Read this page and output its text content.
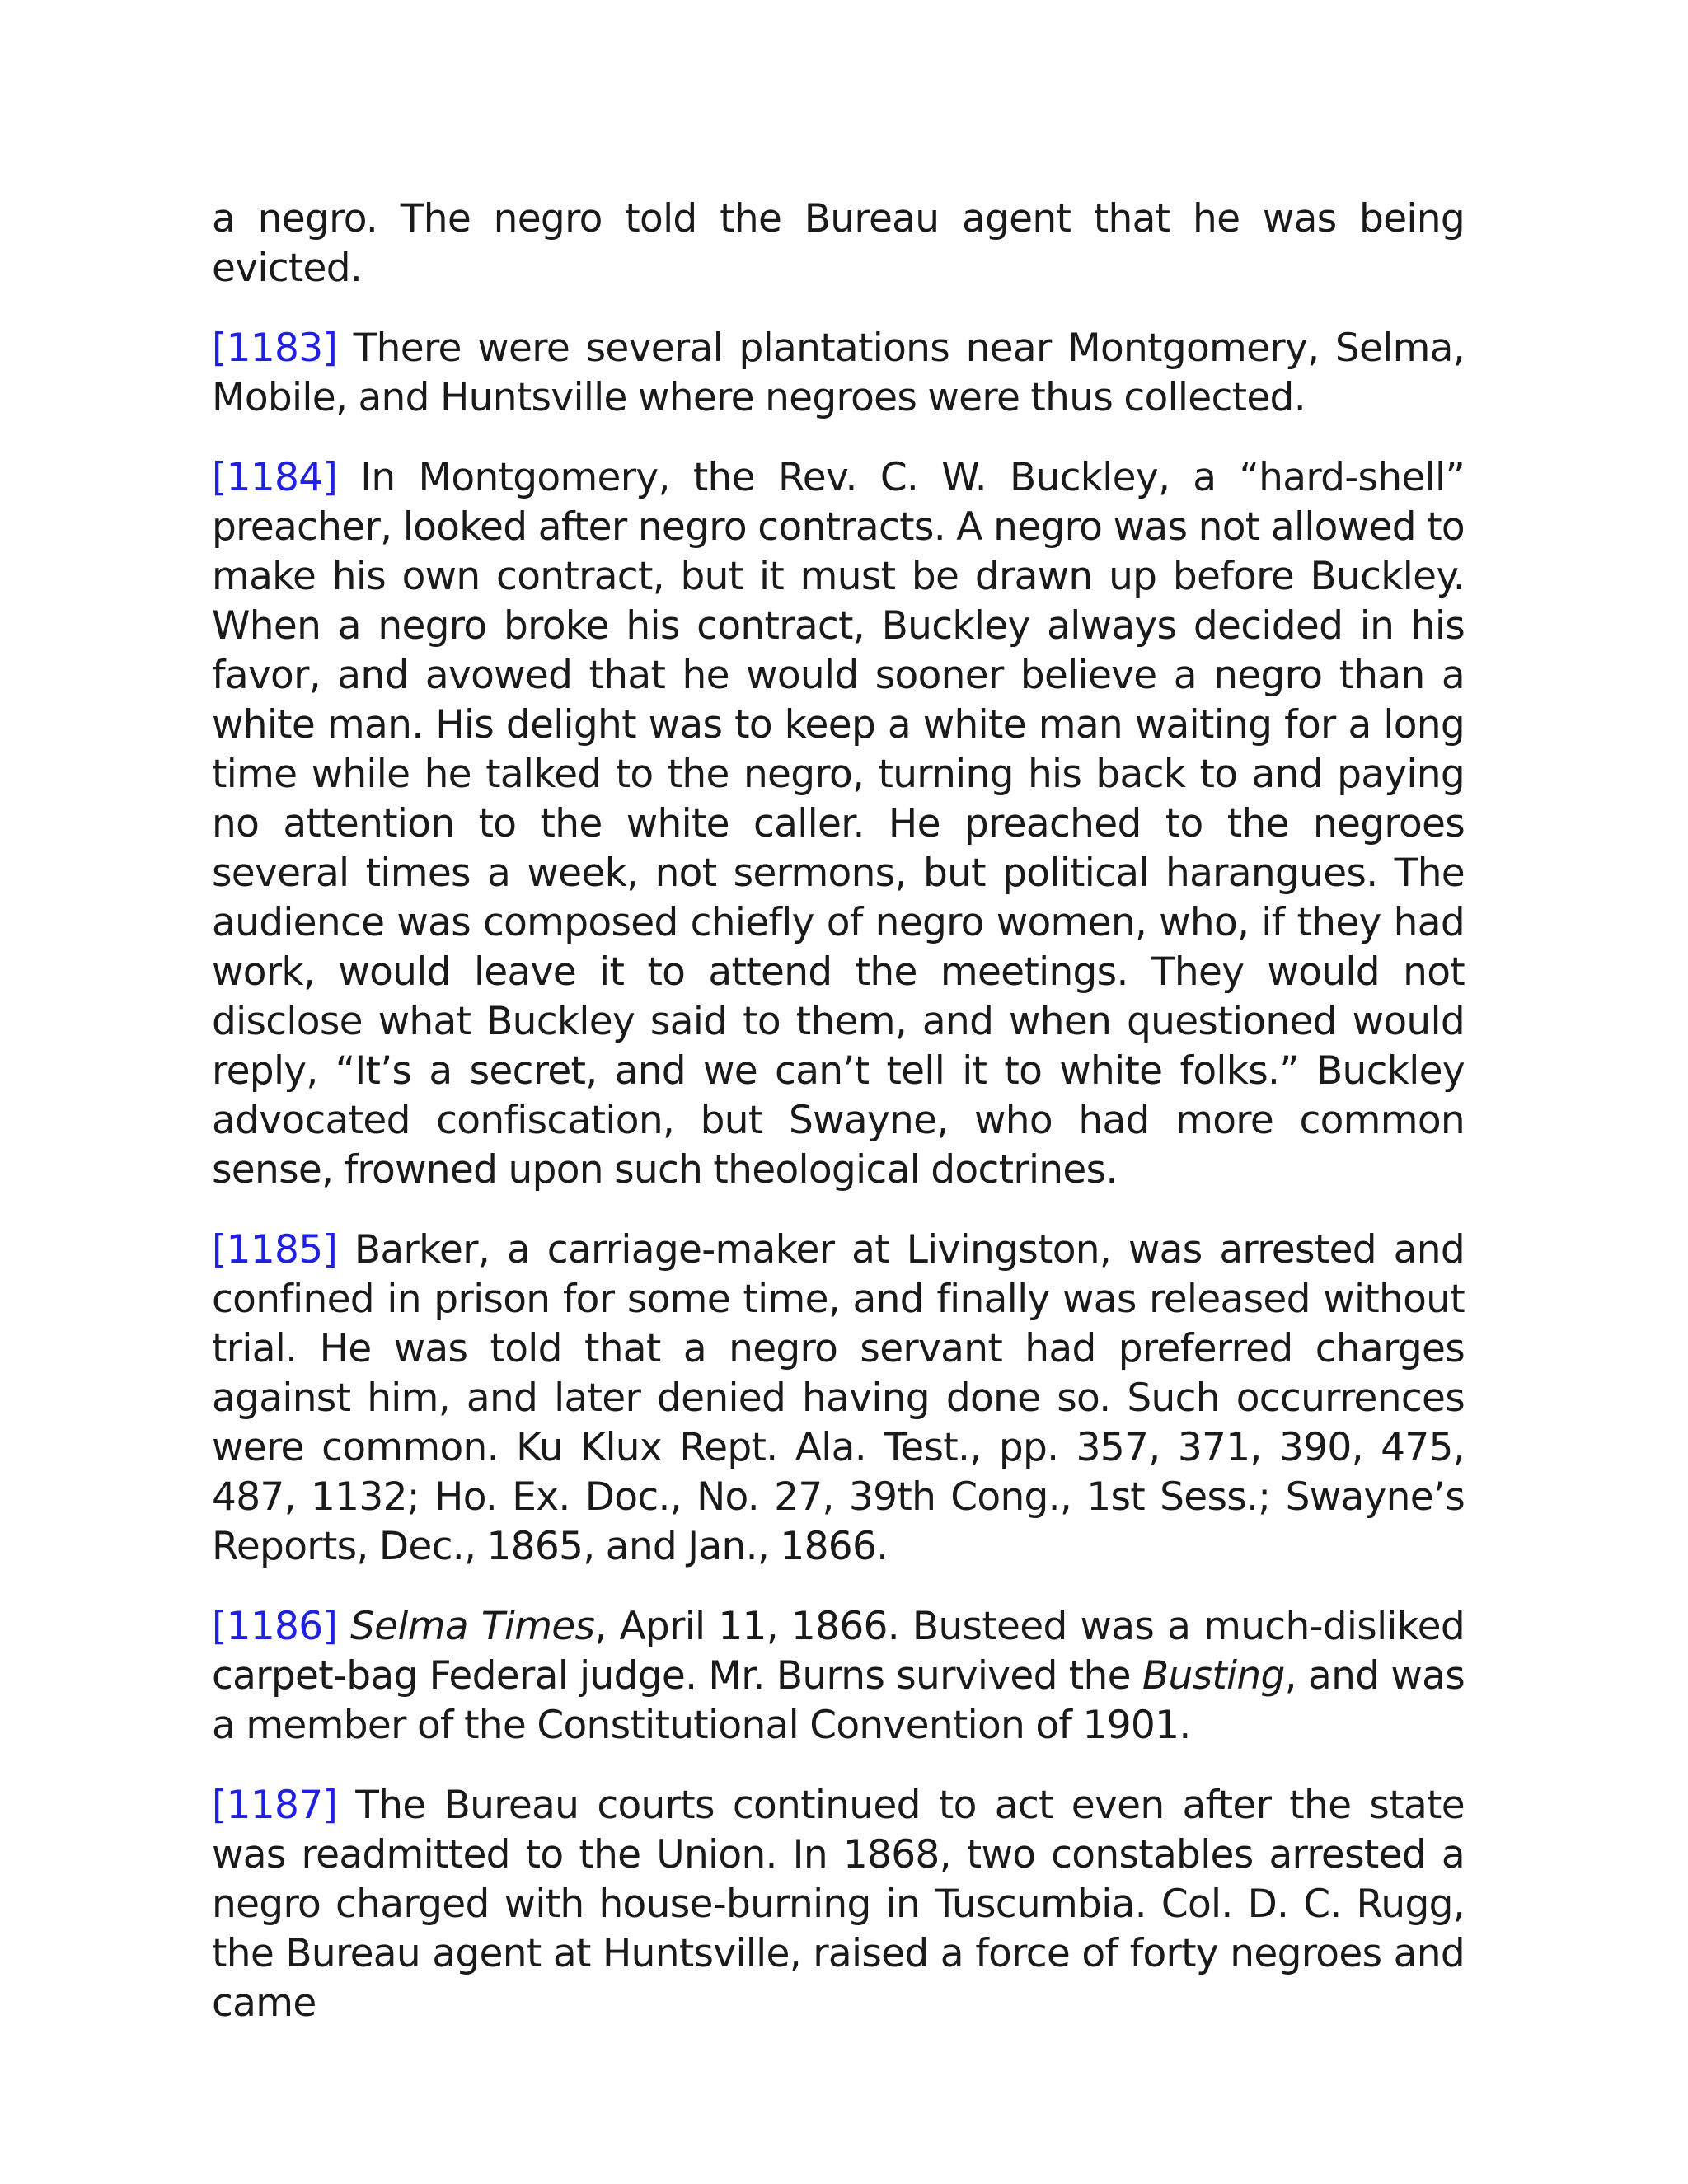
a negro. The negro told the Bureau agent that he was being evicted.

[1183] There were several plantations near Montgomery, Selma, Mobile, and Huntsville where negroes were thus collected.

[1184] In Montgomery, the Rev. C. W. Buckley, a “hard-shell” preacher, looked after negro contracts. A negro was not allowed to make his own contract, but it must be drawn up before Buckley. When a negro broke his contract, Buckley always decided in his favor, and avowed that he would sooner believe a negro than a white man. His delight was to keep a white man waiting for a long time while he talked to the negro, turning his back to and paying no attention to the white caller. He preached to the negroes several times a week, not sermons, but political harangues. The audience was composed chiefly of negro women, who, if they had work, would leave it to attend the meetings. They would not disclose what Buckley said to them, and when questioned would reply, “It’s a secret, and we can’t tell it to white folks.” Buckley advocated confiscation, but Swayne, who had more common sense, frowned upon such theological doctrines.

[1185] Barker, a carriage-maker at Livingston, was arrested and confined in prison for some time, and finally was released without trial. He was told that a negro servant had preferred charges against him, and later denied having done so. Such occurrences were common. Ku Klux Rept. Ala. Test., pp. 357, 371, 390, 475, 487, 1132; Ho. Ex. Doc., No. 27, 39th Cong., 1st Sess.; Swayne’s Reports, Dec., 1865, and Jan., 1866.

[1186] Selma Times, April 11, 1866. Busteed was a much-disliked carpet-bag Federal judge. Mr. Burns survived the Busting, and was a member of the Constitutional Convention of 1901.

[1187] The Bureau courts continued to act even after the state was readmitted to the Union. In 1868, two constables arrested a negro charged with house-burning in Tuscumbia. Col. D. C. Rugg, the Bureau agent at Huntsville, raised a force of forty negroes and came
